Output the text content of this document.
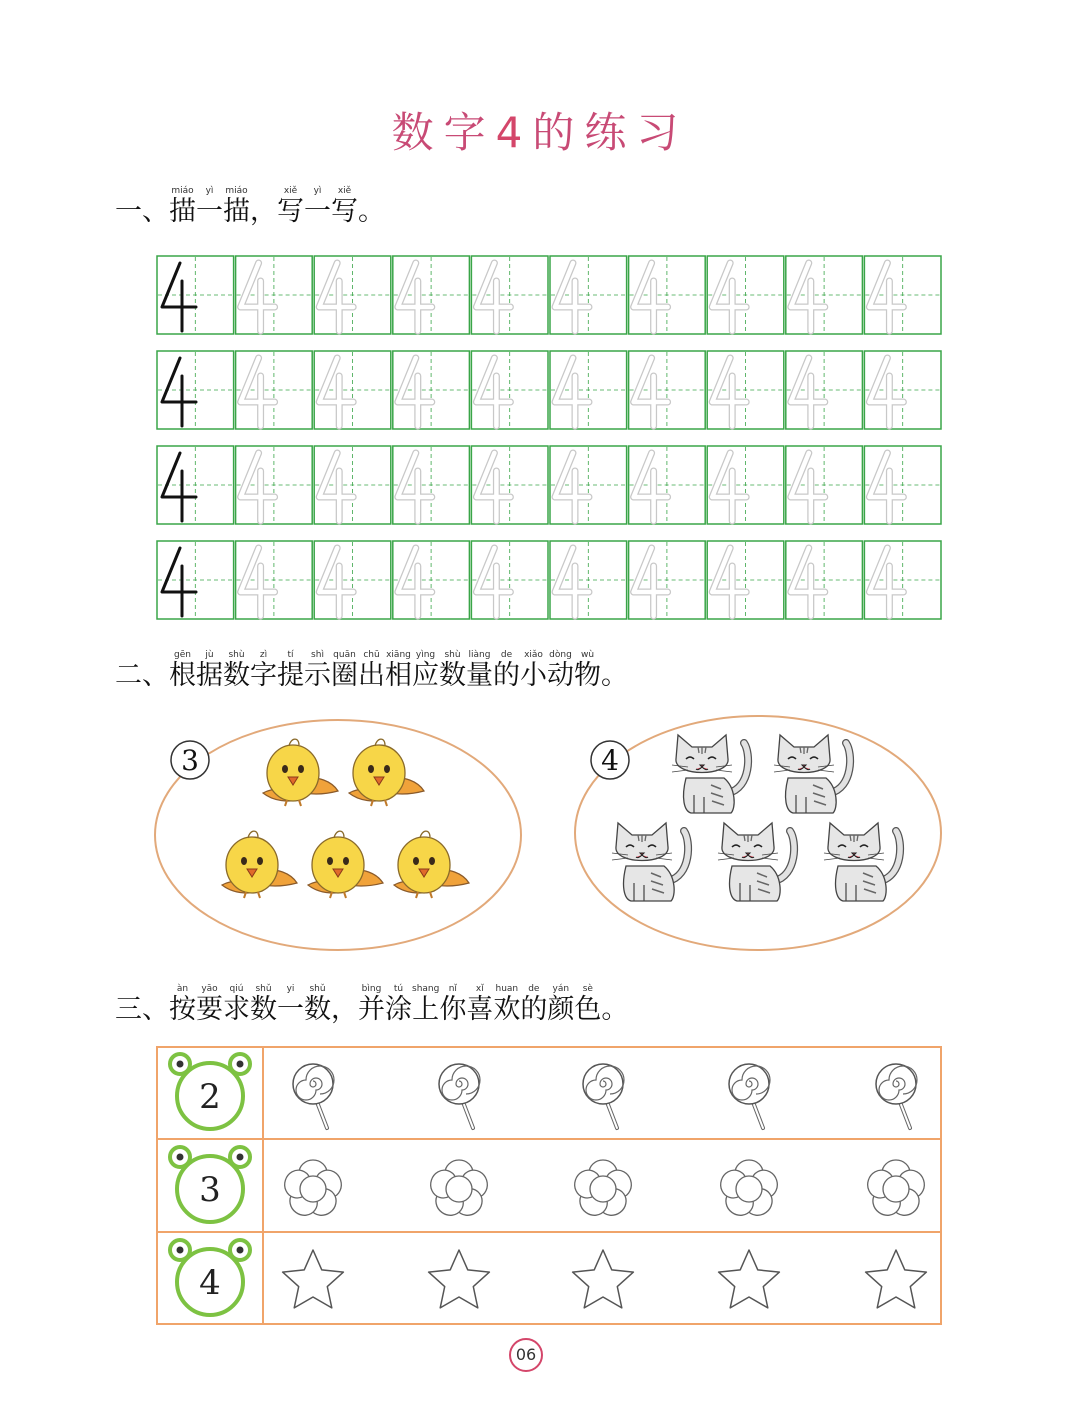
数字4的练习
一、描miáo一yì描miáo，写xiě一yì写xiě。
二、根gēn据jù数shù字zì提tí示shì圈quān出chū相xiāng应yìng数shù量liàng的de小xiǎo动dòng物wù。
3	4
三、按àn要yāo求qiú数shǔ一yi数shǔ，并bìng涂tú上shang你nǐ喜xǐ欢huan的de颜yán色sè。
2
3
4
06
